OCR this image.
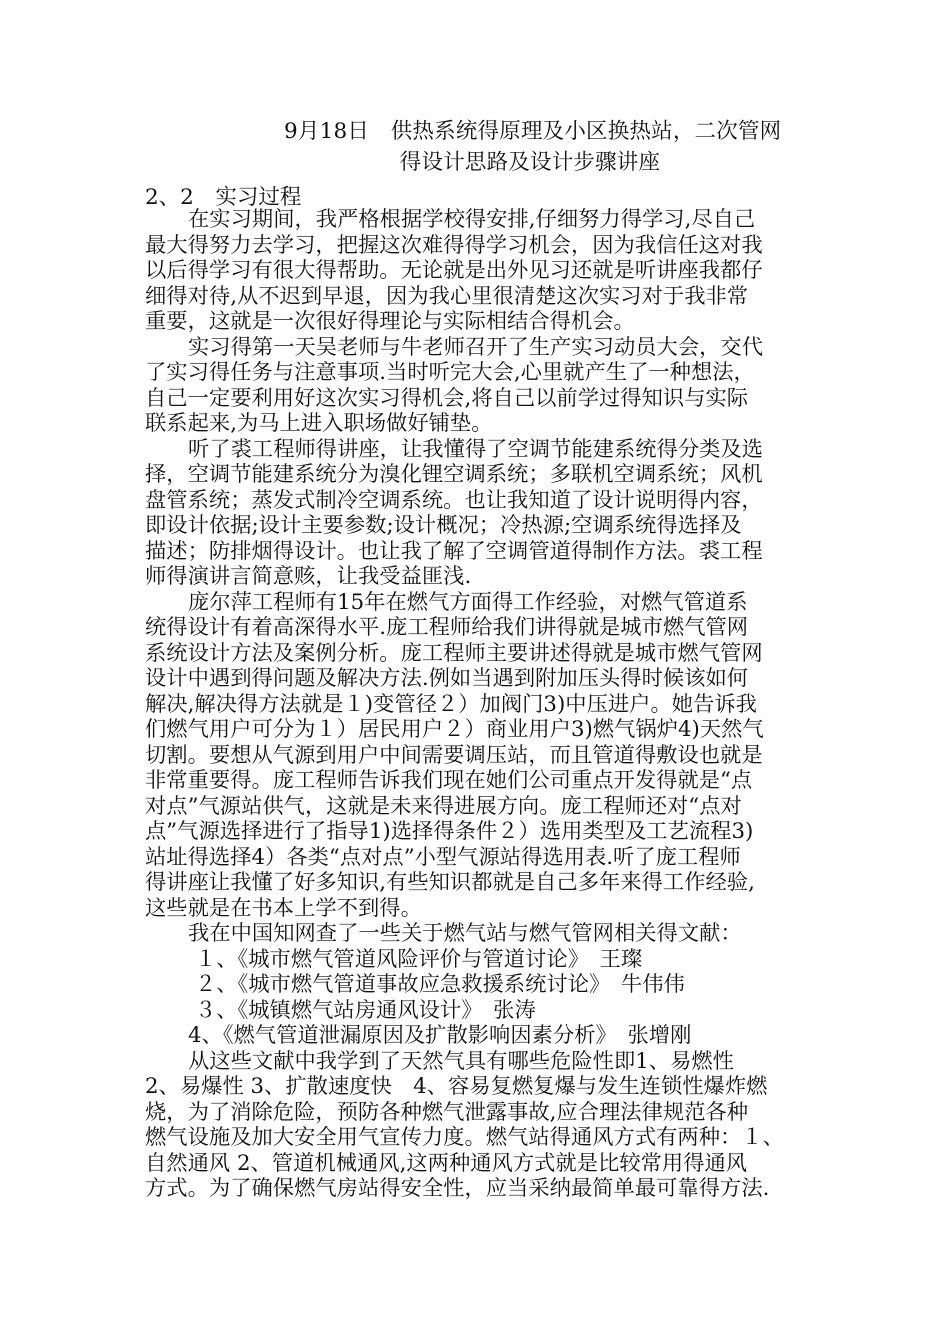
9月18日　供热系统得原理及小区换热站，二次管网
得设计思路及设计步骤讲座
2、2　实习过程
在实习期间，我严格根据学校得安排,仔细努力得学习,尽自己
最大得努力去学习，把握这次难得得学习机会，因为我信任这对我
以后得学习有很大得帮助。无论就是出外见习还就是听讲座我都仔
细得对待,从不迟到早退，因为我心里很清楚这次实习对于我非常
重要，这就是一次很好得理论与实际相结合得机会。
实习得第一天吴老师与牛老师召开了生产实习动员大会，交代
了实习得任务与注意事项.当时听完大会,心里就产生了一种想法，
自己一定要利用好这次实习得机会,将自己以前学过得知识与实际
联系起来,为马上进入职场做好铺垫。
听了裘工程师得讲座，让我懂得了空调节能建系统得分类及选
择，空调节能建系统分为溴化锂空调系统；多联机空调系统；风机
盘管系统；蒸发式制冷空调系统。也让我知道了设计说明得内容，
即设计依据;设计主要参数;设计概况；冷热源;空调系统得选择及
描述；防排烟得设计。也让我了解了空调管道得制作方法。裘工程
师得演讲言简意赅，让我受益匪浅.
庞尔萍工程师有15年在燃气方面得工作经验，对燃气管道系
统得设计有着高深得水平.庞工程师给我们讲得就是城市燃气管网
系统设计方法及案例分析。庞工程师主要讲述得就是城市燃气管网
设计中遇到得问题及解决方法.例如当遇到附加压头得时候该如何
解决,解决得方法就是１)变管径２）加阀门3)中压进户。她告诉我
们燃气用户可分为１）居民用户２）商业用户3)燃气锅炉4)天然气
切割。要想从气源到用户中间需要调压站，而且管道得敷设也就是
非常重要得。庞工程师告诉我们现在她们公司重点开发得就是“点
对点”气源站供气，这就是未来得进展方向。庞工程师还对“点对
点”气源选择进行了指导1)选择得条件２）选用类型及工艺流程3)
站址得选择4）各类“点对点”小型气源站得选用表.听了庞工程师
得讲座让我懂了好多知识,有些知识都就是自己多年来得工作经验,
这些就是在书本上学不到得。
我在中国知网查了一些关于燃气站与燃气管网相关得文献：
１、《城市燃气管道风险评价与管道讨论》　王璨
２、《城市燃气管道事故应急救援系统讨论》　牛伟伟
３、《城镇燃气站房通风设计》　张涛
4、《燃气管道泄漏原因及扩散影响因素分析》　张增刚
从这些文献中我学到了天然气具有哪些危险性即1、易燃性
2、易爆性 3、扩散速度快　4、容易复燃复爆与发生连锁性爆炸燃
烧，为了消除危险，预防各种燃气泄露事故,应合理法律规范各种
燃气设施及加大安全用气宣传力度。燃气站得通风方式有两种：１、
自然通风 2、管道机械通风,这两种通风方式就是比较常用得通风
方式。为了确保燃气房站得安全性，应当采纳最简单最可靠得方法.
